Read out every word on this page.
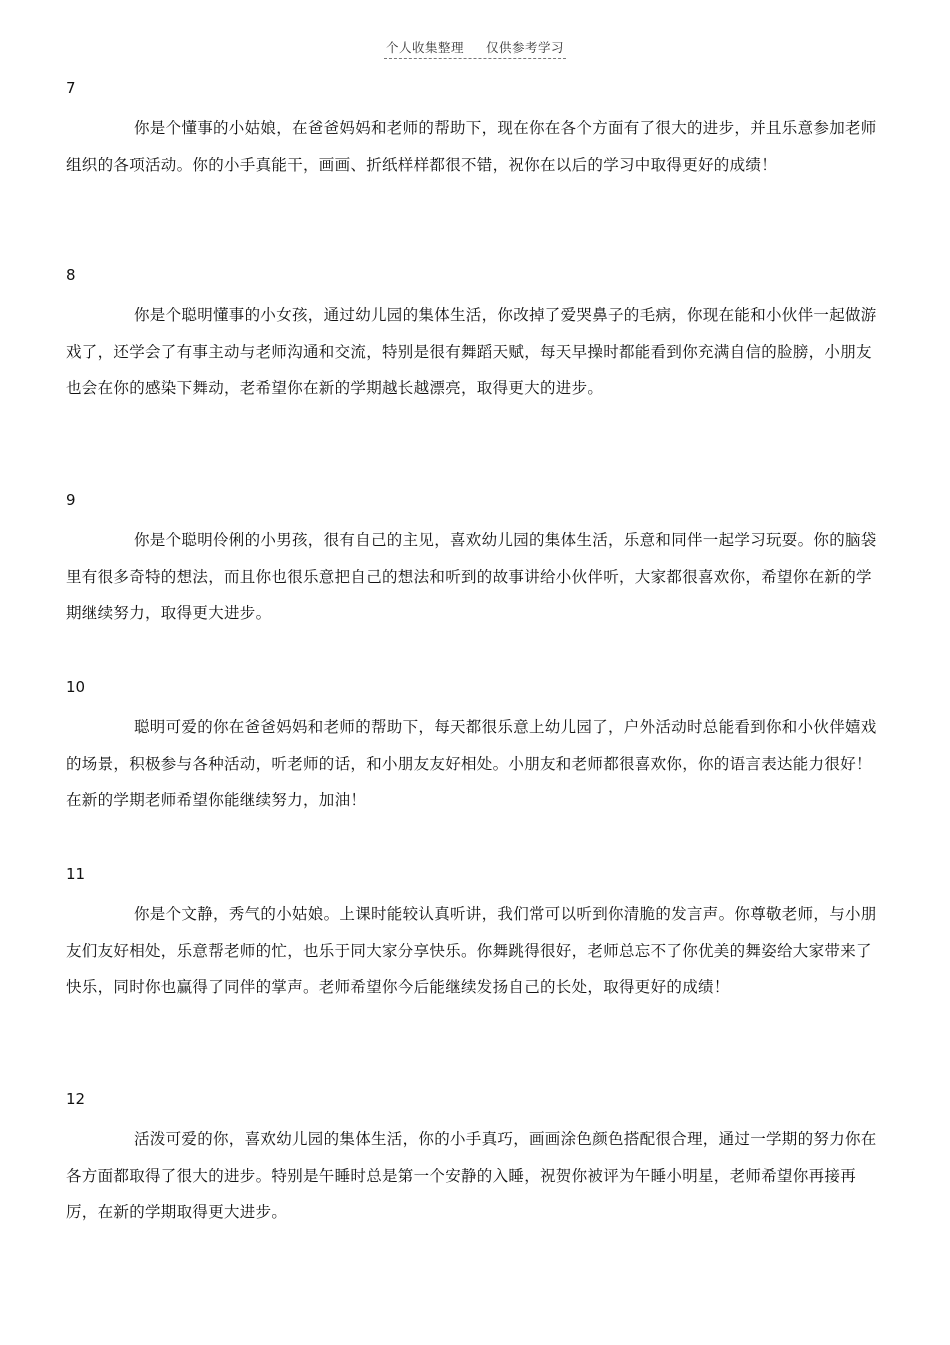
个人收集整理 仅供参考学习
7
你是个懂事的小姑娘，在爸爸妈妈和老师的帮助下，现在你在各个方面有了很大的进步，并且乐意参加老师组织的各项活动。你的小手真能干，画画、折纸样样都很不错，祝你在以后的学习中取得更好的成绩！
8
你是个聪明懂事的小女孩，通过幼儿园的集体生活，你改掉了爱哭鼻子的毛病，你现在能和小伙伴一起做游戏了，还学会了有事主动与老师沟通和交流，特别是很有舞蹈天赋，每天早操时都能看到你充满自信的脸膀，小朋友也会在你的感染下舞动，老希望你在新的学期越长越漂亮，取得更大的进步。
9
你是个聪明伶俐的小男孩，很有自己的主见，喜欢幼儿园的集体生活，乐意和同伴一起学习玩耍。你的脑袋里有很多奇特的想法，而且你也很乐意把自己的想法和听到的故事讲给小伙伴听，大家都很喜欢你，希望你在新的学期继续努力，取得更大进步。
10
聪明可爱的你在爸爸妈妈和老师的帮助下，每天都很乐意上幼儿园了，户外活动时总能看到你和小伙伴嬉戏的场景，积极参与各种活动，听老师的话，和小朋友友好相处。小朋友和老师都很喜欢你，你的语言表达能力很好！在新的学期老师希望你能继续努力，加油！
11
你是个文静，秀气的小姑娘。上课时能较认真听讲，我们常可以听到你清脆的发言声。你尊敬老师，与小朋友们友好相处，乐意帮老师的忙，也乐于同大家分享快乐。你舞跳得很好，老师总忘不了你优美的舞姿给大家带来了快乐，同时你也赢得了同伴的掌声。老师希望你今后能继续发扬自己的长处，取得更好的成绩！
12
活泼可爱的你，喜欢幼儿园的集体生活，你的小手真巧，画画涂色颜色搭配很合理，通过一学期的努力你在各方面都取得了很大的进步。特别是午睡时总是第一个安静的入睡，祝贺你被评为午睡小明星，老师希望你再接再厉，在新的学期取得更大进步。
